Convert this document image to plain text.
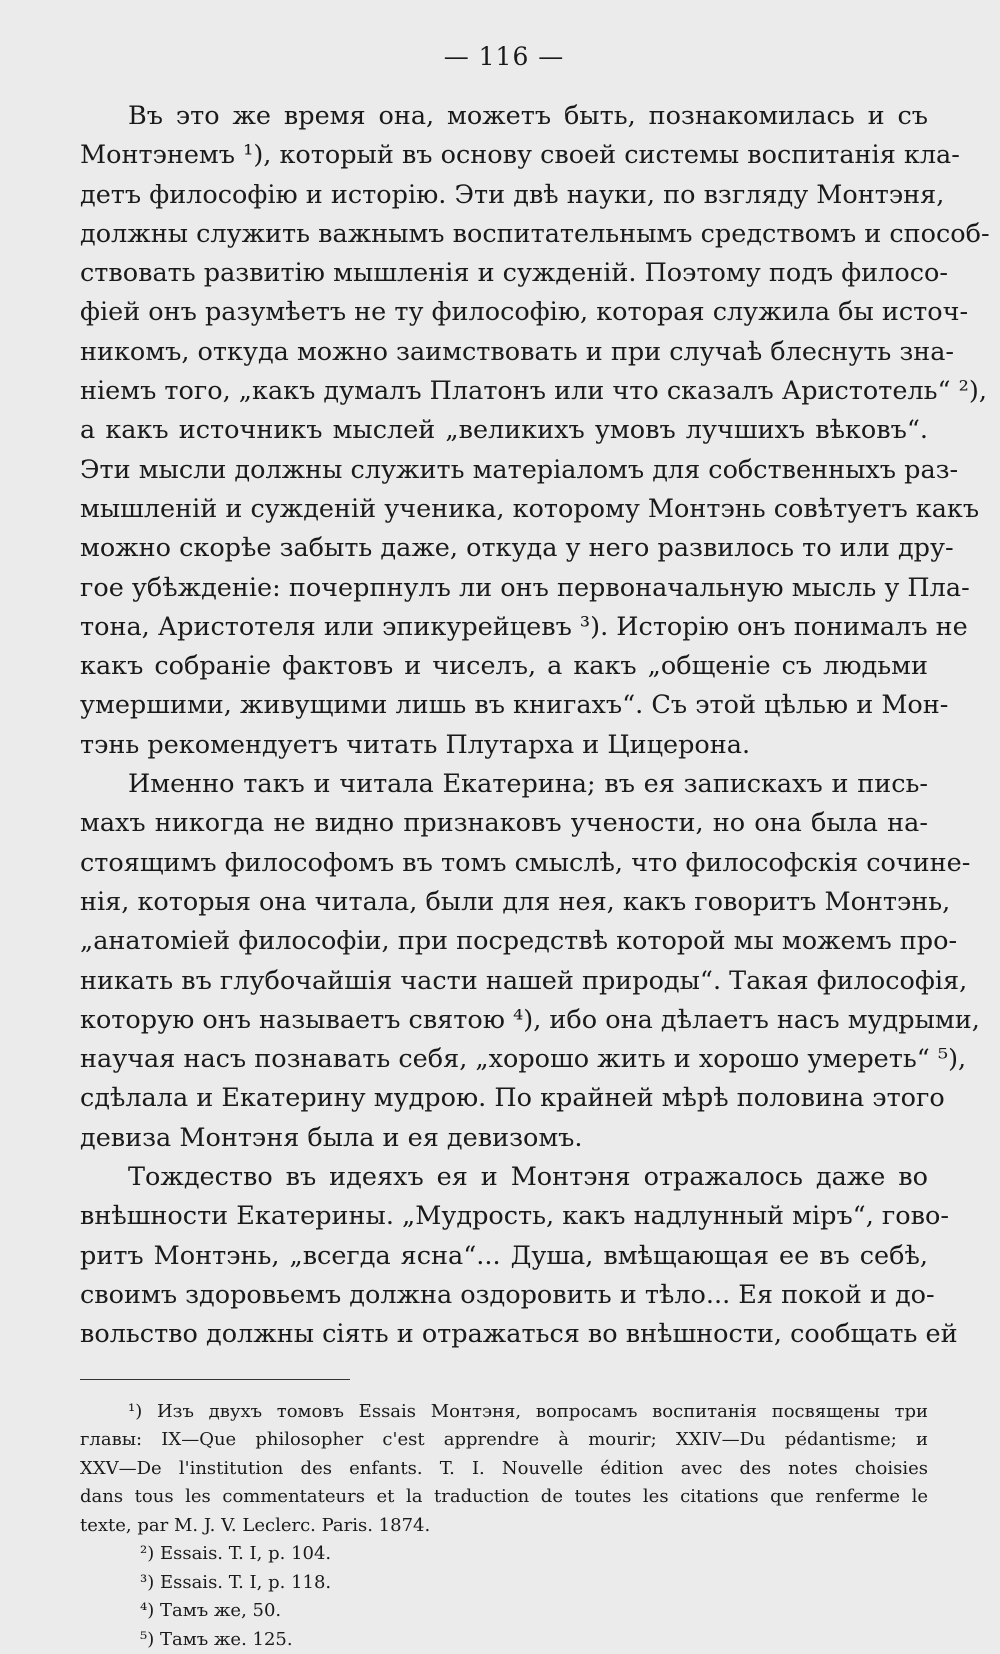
— 116 —
Въ это же время она, можетъ быть, познакомилась и съ
Монтэнемъ ¹), который въ основу своей системы воспитанія кла-
детъ философію и исторію. Эти двѣ науки, по взгляду Монтэня,
должны служить важнымъ воспитательнымъ средствомъ и способ-
ствовать развитію мышленія и сужденій. Поэтому подъ филосо-
фіей онъ разумѣетъ не ту философію, которая служила бы источ-
никомъ, откуда можно заимствовать и при случаѣ блеснуть зна-
ніемъ того, „какъ думалъ Платонъ или что сказалъ Аристотель“ ²),
а какъ источникъ мыслей „великихъ умовъ лучшихъ вѣковъ“.
Эти мысли должны служить матеріаломъ для собственныхъ раз-
мышленій и сужденій ученика, которому Монтэнь совѣтуетъ какъ
можно скорѣе забыть даже, откуда у него развилось то или дру-
гое убѣжденіе: почерпнулъ ли онъ первоначальную мысль у Пла-
тона, Аристотеля или эпикурейцевъ ³). Исторію онъ понималъ не
какъ собраніе фактовъ и чиселъ, а какъ „общеніе съ людьми
умершими, живущими лишь въ книгахъ“. Съ этой цѣлью и Мон-
тэнь рекомендуетъ читать Плутарха и Цицерона.
Именно такъ и читала Екатерина; въ ея запискахъ и пись-
махъ никогда не видно признаковъ учености, но она была на-
стоящимъ философомъ въ томъ смыслѣ, что философскія сочине-
нія, которыя она читала, были для нея, какъ говоритъ Монтэнь,
„анатоміей философіи, при посредствѣ которой мы можемъ про-
никать въ глубочайшія части нашей природы“. Такая философія,
которую онъ называетъ святою ⁴), ибо она дѣлаетъ насъ мудрыми,
научая насъ познавать себя, „хорошо жить и хорошо умереть“ ⁵),
сдѣлала и Екатерину мудрою. По крайней мѣрѣ половина этого
девиза Монтэня была и ея девизомъ.
Тождество въ идеяхъ ея и Монтэня отражалось даже во
внѣшности Екатерины. „Мудрость, какъ надлунный міръ“, гово-
ритъ Монтэнь, „всегда ясна“... Душа, вмѣщающая ее въ себѣ,
своимъ здоровьемъ должна оздоровить и тѣло... Ея покой и до-
вольство должны сіять и отражаться во внѣшности, сообщать ей
¹) Изъ двухъ томовъ Essais Монтэня, вопросамъ воспитанія посвящены три
главы: IX—Que philosopher c'est apprendre à mourir; XXIV—Du pédantisme; и
XXV—De l'institution des enfants. T. I. Nouvelle édition avec des notes choisies
dans tous les commentateurs et la traduction de toutes les citations que renferme le
texte, par M. J. V. Leclerc. Paris. 1874.
²) Essais. T. I, p. 104.
³) Essais. T. I, p. 118.
⁴) Тамъ же, 50.
⁵) Тамъ же. 125.
